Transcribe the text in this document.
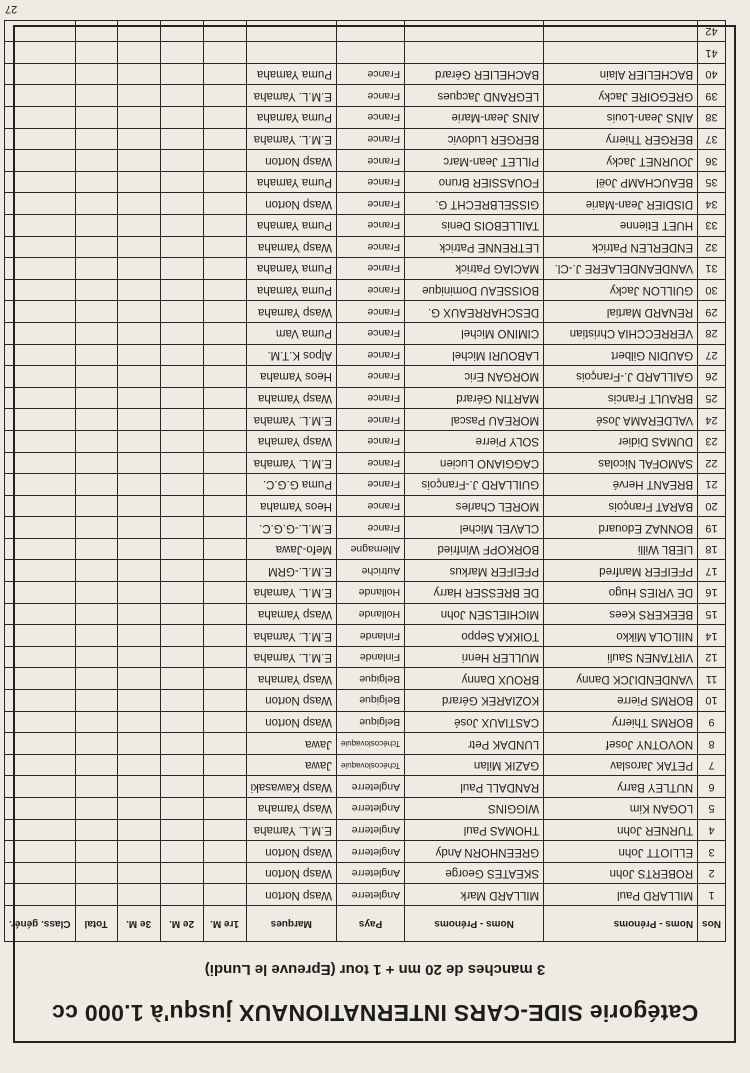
Catégorie SIDE-CARS INTERNATIONAUX jusqu'à 1.000 cc
3 manches de 20 mn + 1 tour (Epreuve le Lundi)
Nos	Noms - Prénoms	Noms - Prénoms	Pays	Marques	1re M.	2e M.	3e M.	Total	Class. génér.
1	MILLARD Paul	MILLARD Mark	Angleterre	Wasp Norton					
2	ROBERTS John	SKEATES George	Angleterre	Wasp Norton					
3	ELLIOTT John	GREENHORN Andy	Angleterre	Wasp Norton					
4	TURNER John	THOMAS Paul	Angleterre	E.M.L. Yamaha					
5	LOGAN Kim	WIGGINS	Angleterre	Wasp Yamaha					
6	NUTLEY Barry	RANDALL Paul	Angleterre	Wasp Kawasaki					
7	PETAK Jaroslav	GAZIK Milan	Tchécoslovaquie	Jawa					
8	NOVOTNY Josef	LUNDAK Petr	Tchécoslovaquie	Jawa					
9	BORMS Thierry	CASTIAUX José	Belgique	Wasp Norton					
10	BORMS Pierre	KOZIAREK Gérard	Belgique	Wasp Norton					
11	VANDENDIJCK Danny	BROUX Danny	Belgique	Wasp Yamaha					
12	VIRTANEN Sauli	MULLER Henri	Finlande	E.M.L. Yamaha					
14	NIILOLA Mikko	TOIKKA Seppo	Finlande	E.M.L. Yamaha					
15	BEEKERS Kees	MICHIELSEN John	Hollande	Wasp Yamaha					
16	DE VRIES Hugo	DE BRESSER Harry	Hollande	E.M.L. Yamaha					
17	PFEIFER Manfred	PFEIFER Markus	Autriche	E.M.L.-GRM					
18	LIEBL Willi	BORKOPF Winfried	Allemagne	Mefo-Jawa					
19	BONNAZ Edouard	CLAVEL Michel	France	E.M.L.-G.G.C.					
20	BARAT François	MOREL Charles	France	Heos Yamaha					
21	BREANT Hervé	GUILLARD J.-François	France	Puma G.G.C.					
22	SAMOFAL Nicolas	CAGGIANO Lucien	France	E.M.L. Yamaha					
23	DUMAS Didier	SOLY Pierre	France	Wasp Yamaha					
24	VALDERAMA José	MOREAU Pascal	France	E.M.L. Yamaha					
25	BRAULT Francis	MARTIN Gérard	France	Wasp Yamaha					
26	GAILLARD J.-François	MORGAN Eric	France	Heos Yamaha					
27	GAUDIN Gilbert	LABOURI Michel	France	Alpos K.T.M.					
28	VERRECCHIA Christian	CIMINO Michel	France	Puma Vam					
29	RENARD Martial	DESCHARREAUX G.	France	Wasp Yamaha					
30	GUILLON Jacky	BOISSEAU Dominique	France	Puma Yamaha					
31	VANDEANDELAERE J.-Cl.	MACIAG Patrick	France	Puma Yamaha					
32	ENDERLEN Patrick	LETRENNE Patrick	France	Wasp Yamaha					
33	HUET Etienne	TAILLEBOIS Denis	France	Puma Yamaha					
34	DISDIER Jean-Marie	GISSELBRECHT G.	France	Wasp Norton					
35	BEAUCHAMP Joël	FOUASSIER Bruno	France	Puma Yamaha					
36	JOURNET Jacky	PILLET Jean-Marc	France	Wasp Norton					
37	BERGER Thierry	BERGER Ludovic	France	E.M.L. Yamaha					
38	AINS Jean-Louis	AINS Jean-Marie	France	Puma Yamaha					
39	GREGOIRE Jacky	LEGRAND Jacques	France	E.M.L. Yamaha					
40	BACHELIER Alain	BACHELIER Gérard	France	Puma Yamaha					
41									
42									
27
